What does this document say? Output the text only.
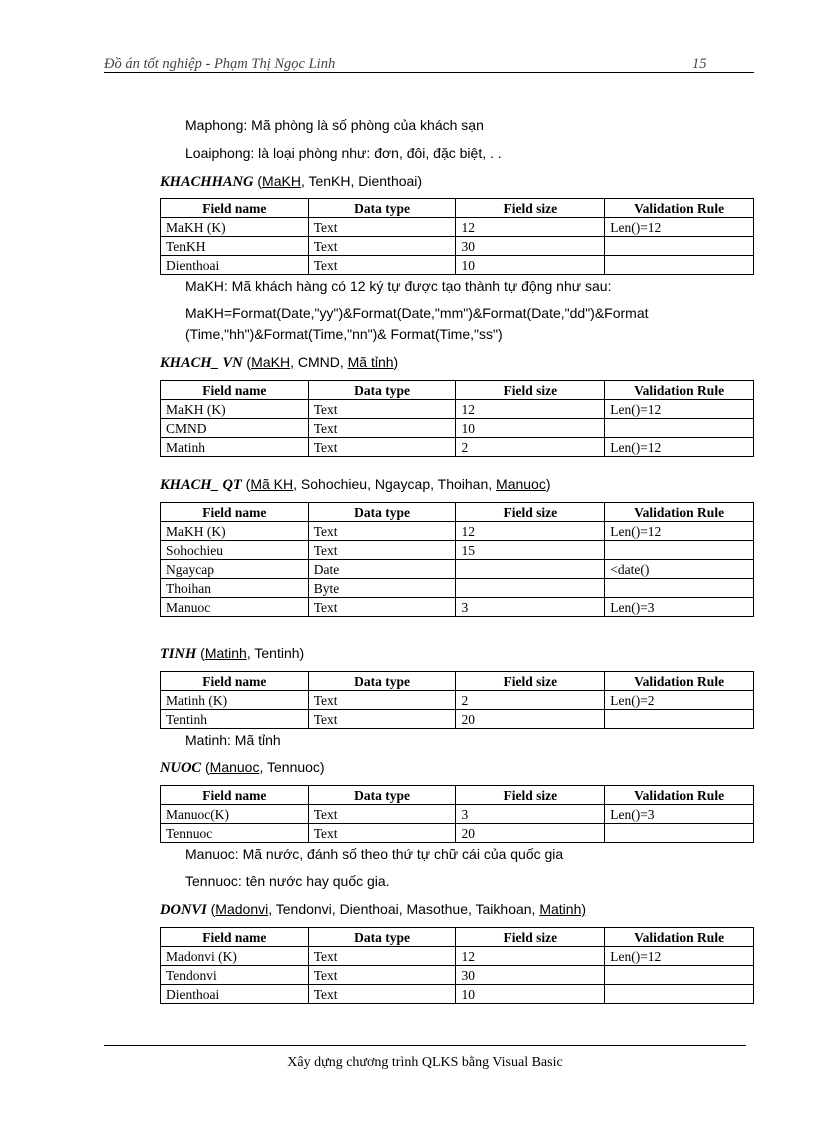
Đồ án tốt nghiệp - Phạm Thị Ngọc Linh	15
Maphong: Mã phòng là số phòng của khách sạn
Loaiphong: là loại phòng như: đơn, đôi, đặc biệt, . .
KHACHHANG (MaKH, TenKH, Dienthoai)
Field name	Data type	Field size	Validation Rule
MaKH (K)	Text	12	Len()=12
TenKH	Text	30	
Dienthoai	Text	10	
MaKH: Mã khách hàng có 12 ký tự được tạo thành tự động như sau:
MaKH=Format(Date,"yy")&Format(Date,"mm")&Format(Date,"dd")&Format
(Time,"hh")&Format(Time,"nn")& Format(Time,"ss")
KHACH_ VN (MaKH, CMND, Mã tỉnh)
Field name	Data type	Field size	Validation Rule
MaKH (K)	Text	12	Len()=12
CMND	Text	10	
Matinh	Text	2	Len()=12
KHACH_ QT (Mã KH, Sohochieu, Ngaycap, Thoihan, Manuoc)
Field name	Data type	Field size	Validation Rule
MaKH (K)	Text	12	Len()=12
Sohochieu	Text	15	
Ngaycap	Date		<date()
Thoihan	Byte		
Manuoc	Text	3	Len()=3
TINH (Matinh, Tentinh)
Field name	Data type	Field size	Validation Rule
Matinh (K)	Text	2	Len()=2
Tentinh	Text	20	
Matinh: Mã tỉnh
NUOC (Manuoc, Tennuoc)
Field name	Data type	Field size	Validation Rule
Manuoc(K)	Text	3	Len()=3
Tennuoc	Text	20	
Manuoc: Mã nước, đánh số theo thứ tự chữ cái của quốc gia
Tennuoc: tên nước hay quốc gia.
DONVI (Madonvi, Tendonvi, Dienthoai, Masothue, Taikhoan, Matinh)
Field name	Data type	Field size	Validation Rule
Madonvi (K)	Text	12	Len()=12
Tendonvi	Text	30	
Dienthoai	Text	10	
Xây dựng chương trình QLKS bằng Visual Basic
